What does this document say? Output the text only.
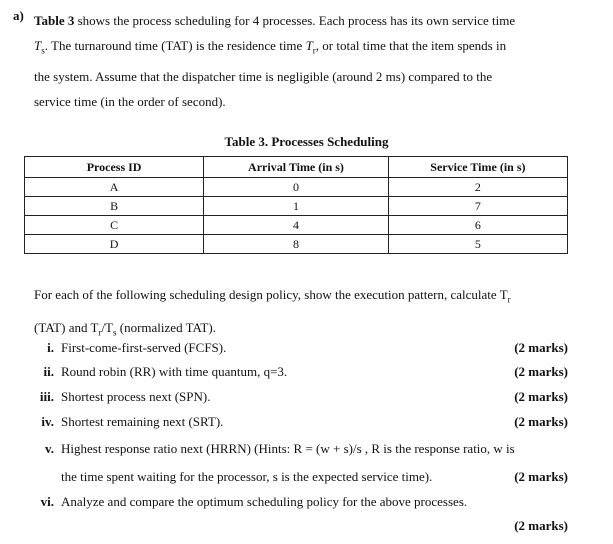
a) Table 3 shows the process scheduling for 4 processes. Each process has its own service time

$T_s$. The turnaround time (TAT) is the residence time $T_r$, or total time that the item spends in

the system. Assume that the dispatcher time is negligible (around 2 ms) compared to the

service time (in the order of second).

Table 3. Processes Scheduling
Process ID	Arrival Time (in s)	Service Time (in s)
A	0	2
B	1	7
C	4	6
D	8	5

For each of the following scheduling design policy, show the execution pattern, calculate $T_r$

(TAT) and $T_r/T_s$ (normalized TAT).

i. First-come-first-served (FCFS).	(2 marks)
ii. Round robin (RR) with time quantum, q=3.	(2 marks)
iii. Shortest process next (SPN).	(2 marks)
iv. Shortest remaining next (SRT).	(2 marks)
v. Highest response ratio next (HRRN) (Hints: R = (w + s)/s , R is the response ratio, w is
the time spent waiting for the processor, s is the expected service time).	(2 marks)
vi. Analyze and compare the optimum scheduling policy for the above processes.
(2 marks)
